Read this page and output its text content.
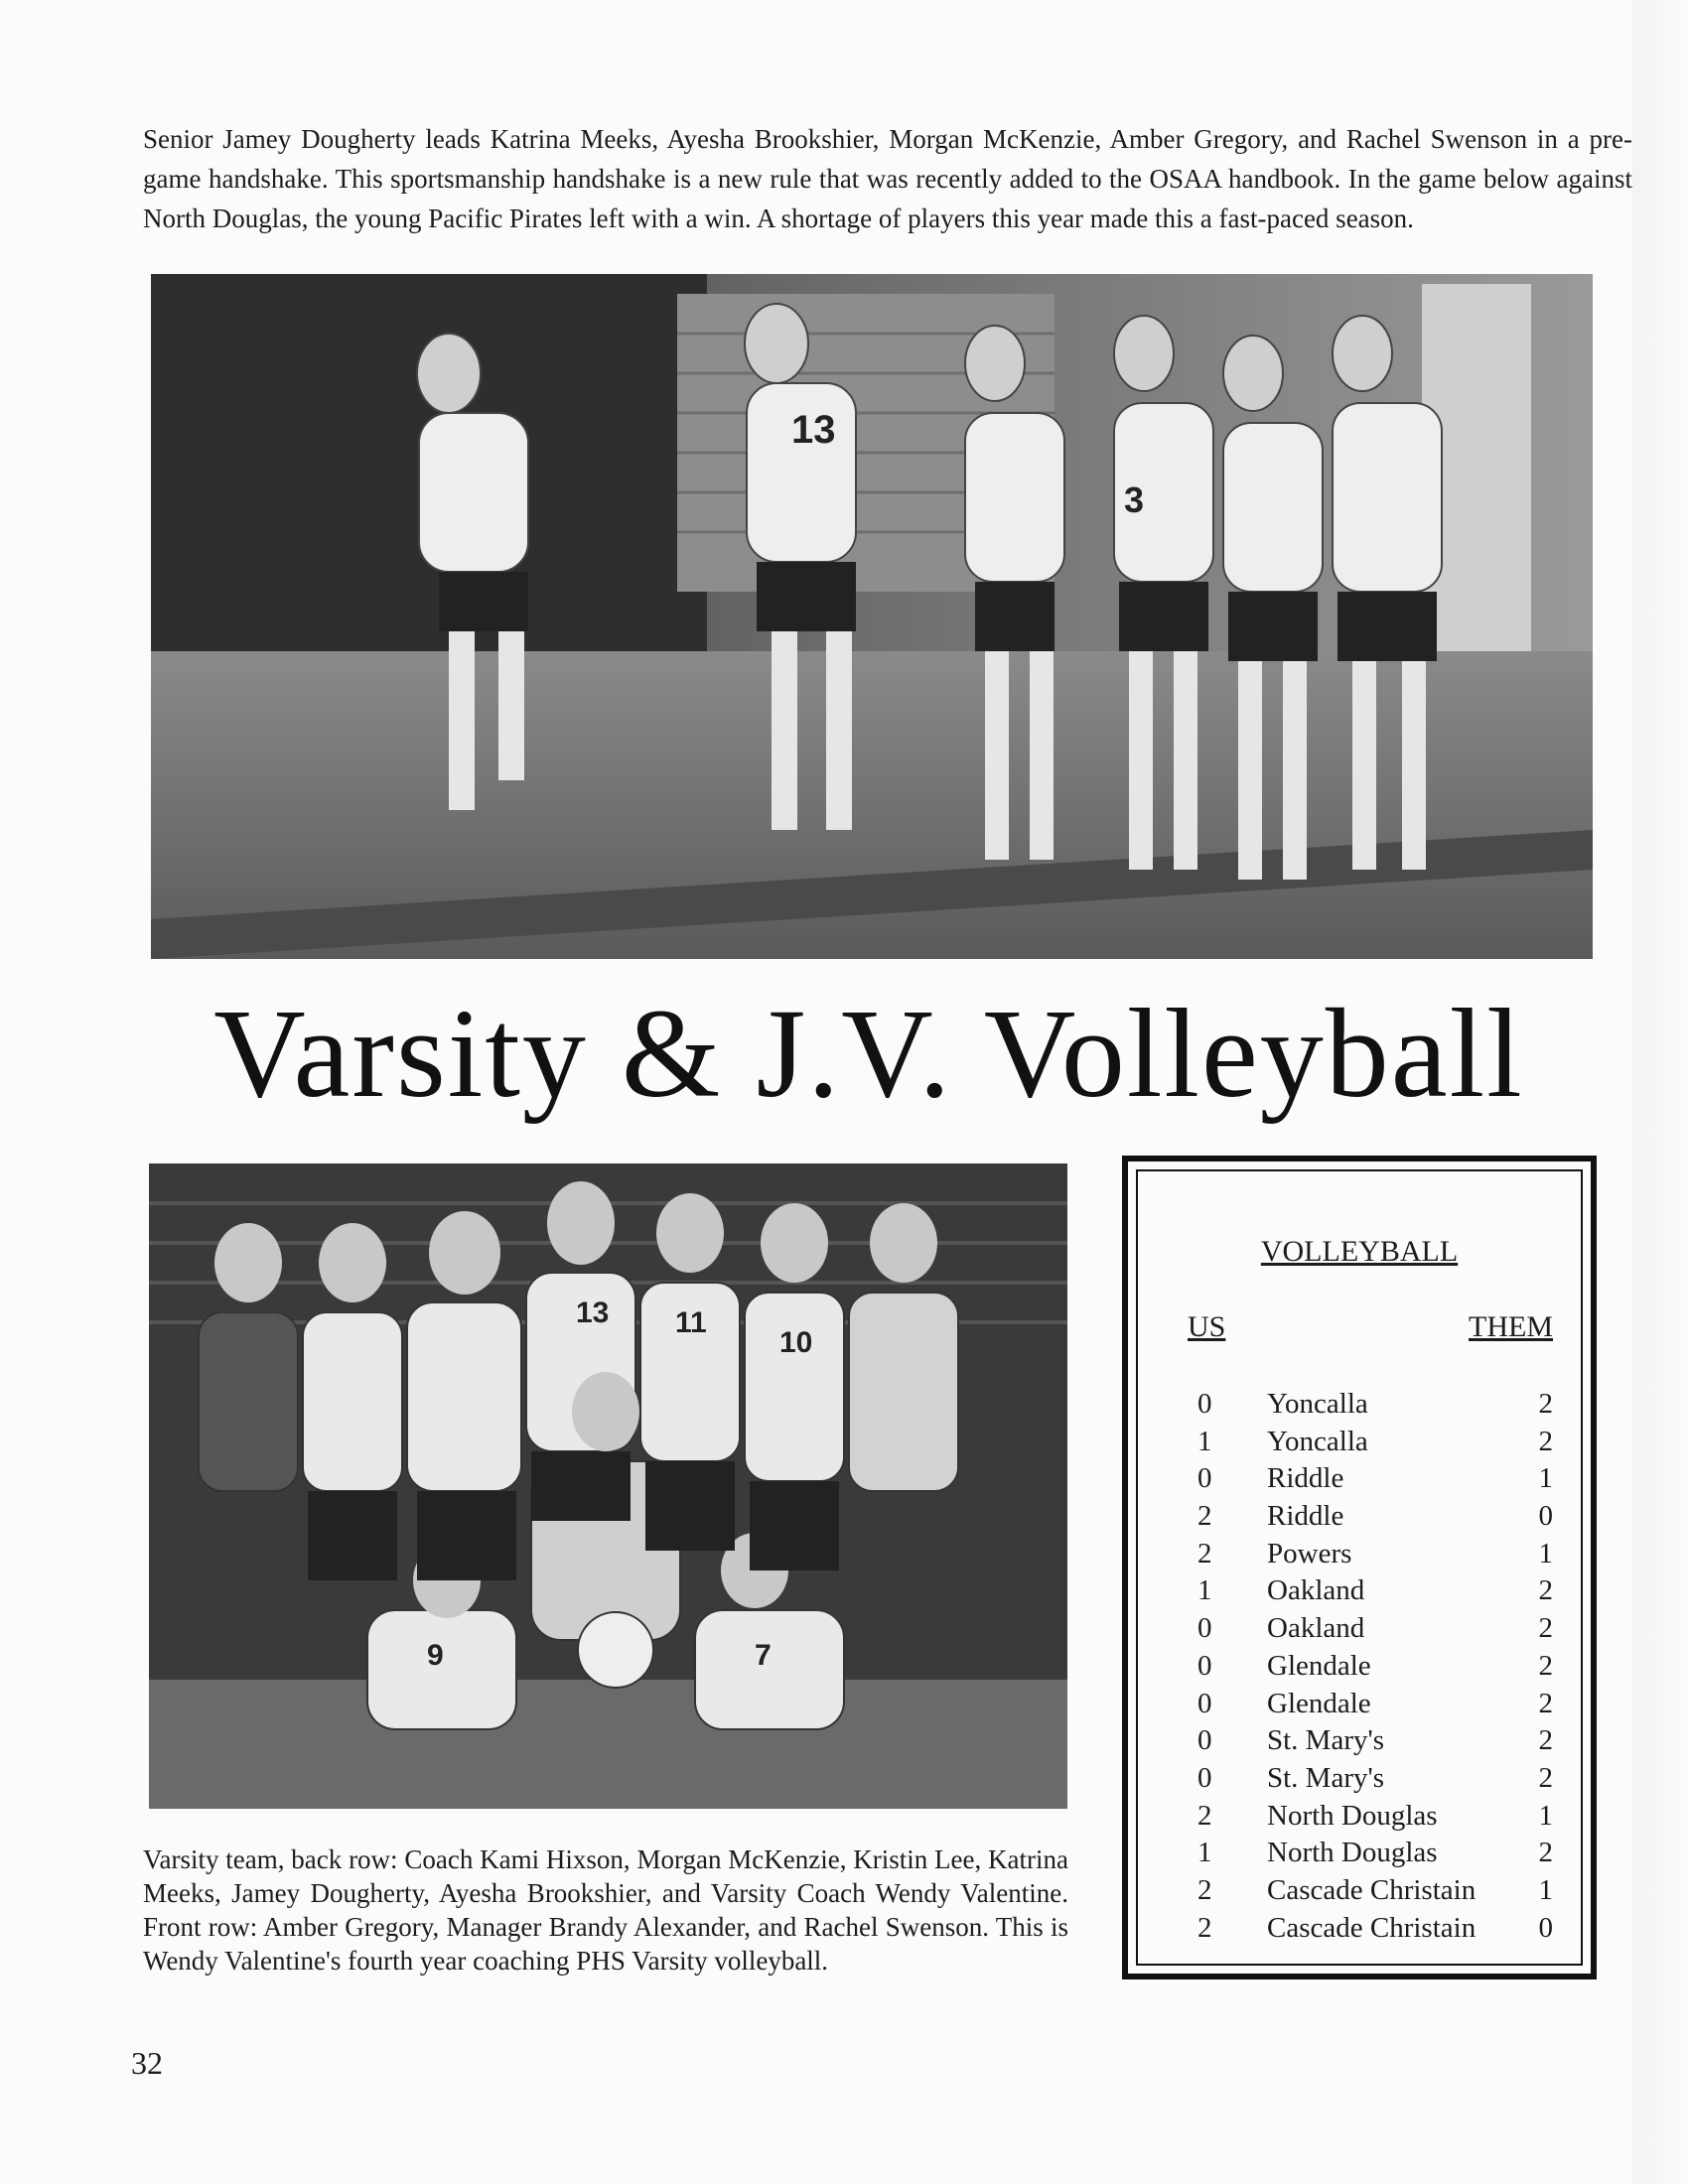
Senior Jamey Dougherty leads Katrina Meeks, Ayesha Brookshier, Morgan McKenzie, Amber Gregory, and Rachel Swenson in a pre-game handshake. This sportsmanship handshake is a new rule that was recently added to the OSAA handbook. In the game below against North Douglas, the young Pacific Pirates left with a win. A shortage of players this year made this a fast-paced season.

13
3
Varsity & J.V. Volleyball
13 11
10
9	7

Varsity team, back row: Coach Kami Hixson, Morgan McKenzie, Kristin Lee, Katrina Meeks, Jamey Dougherty, Ayesha Brookshier, and Varsity Coach Wendy Valentine. Front row: Amber Gregory, Manager Brandy Alexander, and Rachel Swenson. This is Wendy Valentine's fourth year coaching PHS Varsity volleyball.

VOLLEYBALL
US	THEM
0 Yoncalla	2
1 Yoncalla	2
0 Riddle	1
2 Riddle	0
2 Powers	1
1 Oakland	2
0 Oakland	2
0 Glendale	2
0 Glendale	2
0 St. Mary's	2
0 St. Mary's	2
2 North Douglas	1
1 North Douglas	2
2 Cascade Christain 1
2 Cascade Christain 0
32
